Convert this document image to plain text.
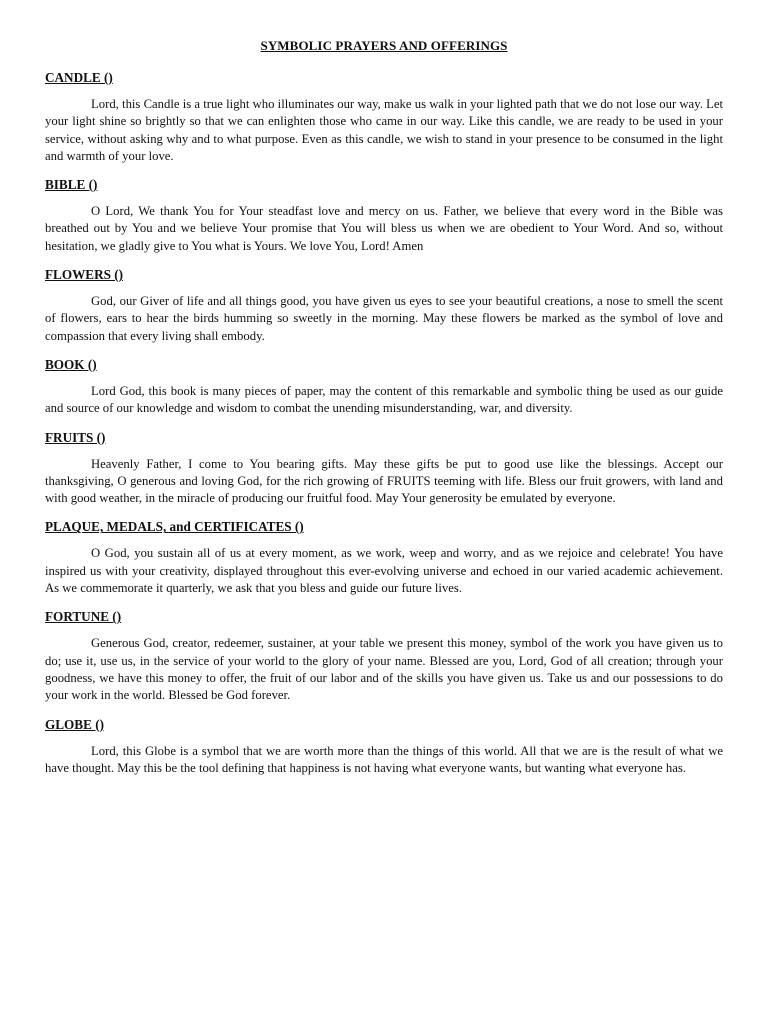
SYMBOLIC PRAYERS AND OFFERINGS
CANDLE ()

Lord, this Candle is a true light who illuminates our way, make us walk in your lighted path that we do not lose our way. Let your light shine so brightly so that we can enlighten those who came in our way. Like this candle, we are ready to be used in your service, without asking why and to what purpose. Even as this candle, we wish to stand in your presence to be consumed in the light and warmth of your love.

BIBLE ()

O Lord, We thank You for Your steadfast love and mercy on us. Father, we believe that every word in the Bible was breathed out by You and we believe Your promise that You will bless us when we are obedient to Your Word. And so, without hesitation, we gladly give to You what is Yours. We love You, Lord! Amen

FLOWERS ()

God, our Giver of life and all things good, you have given us eyes to see your beautiful creations, a nose to smell the scent of flowers, ears to hear the birds humming so sweetly in the morning. May these flowers be marked as the symbol of love and compassion that every living shall embody.

BOOK ()

Lord God, this book is many pieces of paper, may the content of this remarkable and symbolic thing be used as our guide and source of our knowledge and wisdom to combat the unending misunderstanding, war, and diversity.

FRUITS ()

Heavenly Father, I come to You bearing gifts. May these gifts be put to good use like the blessings. Accept our thanksgiving, O generous and loving God, for the rich growing of FRUITS teeming with life. Bless our fruit growers, with land and with good weather, in the miracle of producing our fruitful food. May Your generosity be emulated by everyone.

PLAQUE, MEDALS, and CERTIFICATES ()

O God, you sustain all of us at every moment, as we work, weep and worry, and as we rejoice and celebrate! You have inspired us with your creativity, displayed throughout this ever-evolving universe and echoed in our varied academic achievement. As we commemorate it quarterly, we ask that you bless and guide our future lives.

FORTUNE ()

Generous God, creator, redeemer, sustainer, at your table we present this money, symbol of the work you have given us to do; use it, use us, in the service of your world to the glory of your name. Blessed are you, Lord, God of all creation; through your goodness, we have this money to offer, the fruit of our labor and of the skills you have given us. Take us and our possessions to do your work in the world. Blessed be God forever.

GLOBE ()

Lord, this Globe is a symbol that we are worth more than the things of this world. All that we are is the result of what we have thought. May this be the tool defining that happiness is not having what everyone wants, but wanting what everyone has.
